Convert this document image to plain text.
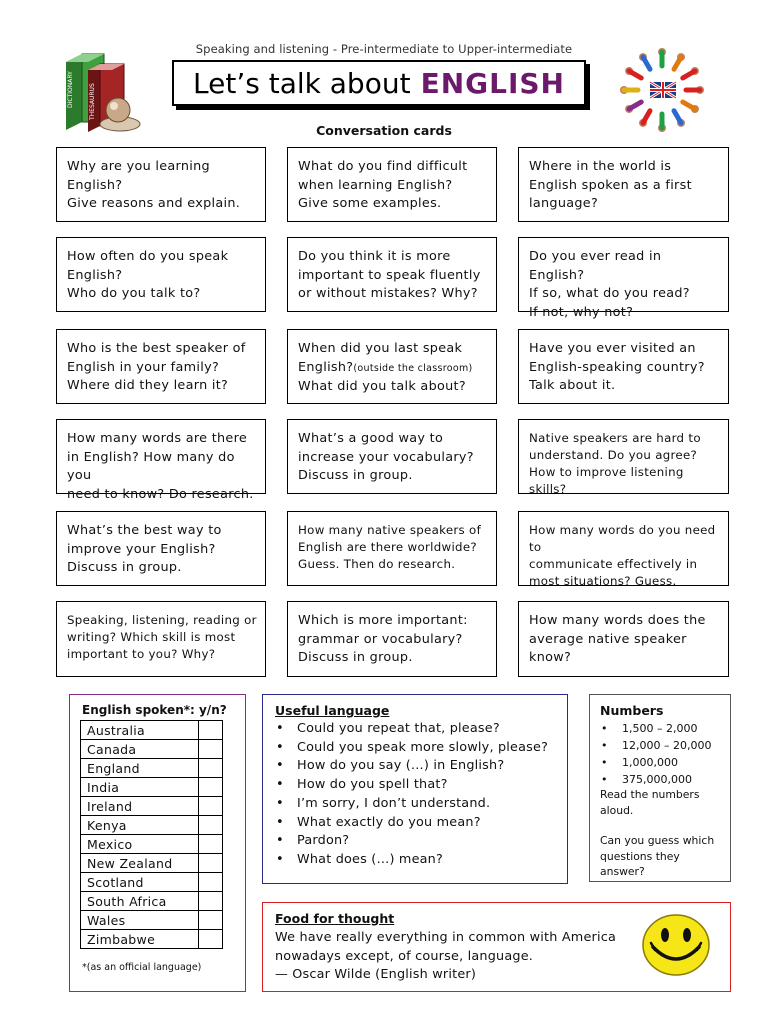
Speaking and listening - Pre-intermediate to Upper-intermediate
Let’s talk about ENGLISH
DICTIONARY	THESAURUS
Conversation cards

Why are you learning

English?

Give reasons and explain.

What do you find difficult

when learning English?

Give some examples.

Where in the world is

English spoken as a first

language?

How often do you speak

English?

Who do you talk to?

Do you think it is more

important to speak fluently

or without mistakes? Why?

Do you ever read in English?

If so, what do you read?

If not, why not?

Who is the best speaker of

English in your family?

Where did they learn it?

When did you last speak

English?(outside the classroom)

What did you talk about?

Have you ever visited an

English-speaking country?

Talk about it.

How many words are there

in English? How many do you

need to know? Do research.

What’s a good way to

increase your vocabulary?

Discuss in group.

Native speakers are hard to

understand. Do you agree?

How to improve listening skills?

What’s the best way to

improve your English?

Discuss in group.

How many native speakers of

English are there worldwide?

Guess. Then do research.

How many words do you need to

communicate effectively in

most situations? Guess.

Speaking, listening, reading or

writing? Which skill is most

important to you? Why?

Which is more important:

grammar or vocabulary?

Discuss in group.

How many words does the

average native speaker

know?

English spoken*: y/n?
Australia	
Canada	
England	
India	
Ireland	
Kenya	
Mexico	
New Zealand	
Scotland	
South Africa	
Wales	
Zimbabwe	
*(as an official language)
Useful language
• Could you repeat that, please?
• Could you speak more slowly, please?
• How do you say (…) in English?
• How do you spell that?
• I’m sorry, I don’t understand.
• What exactly do you mean?
• Pardon?
• What does (…) mean?
Numbers
• 1,500 – 2,000
• 12,000 – 20,000
• 1,000,000
• 375,000,000
Read the numbers aloud.
Can you guess which questions they answer?
Food for thought

We have really everything in common with America

nowadays except, of course, language.

— Oscar Wilde (English writer)
